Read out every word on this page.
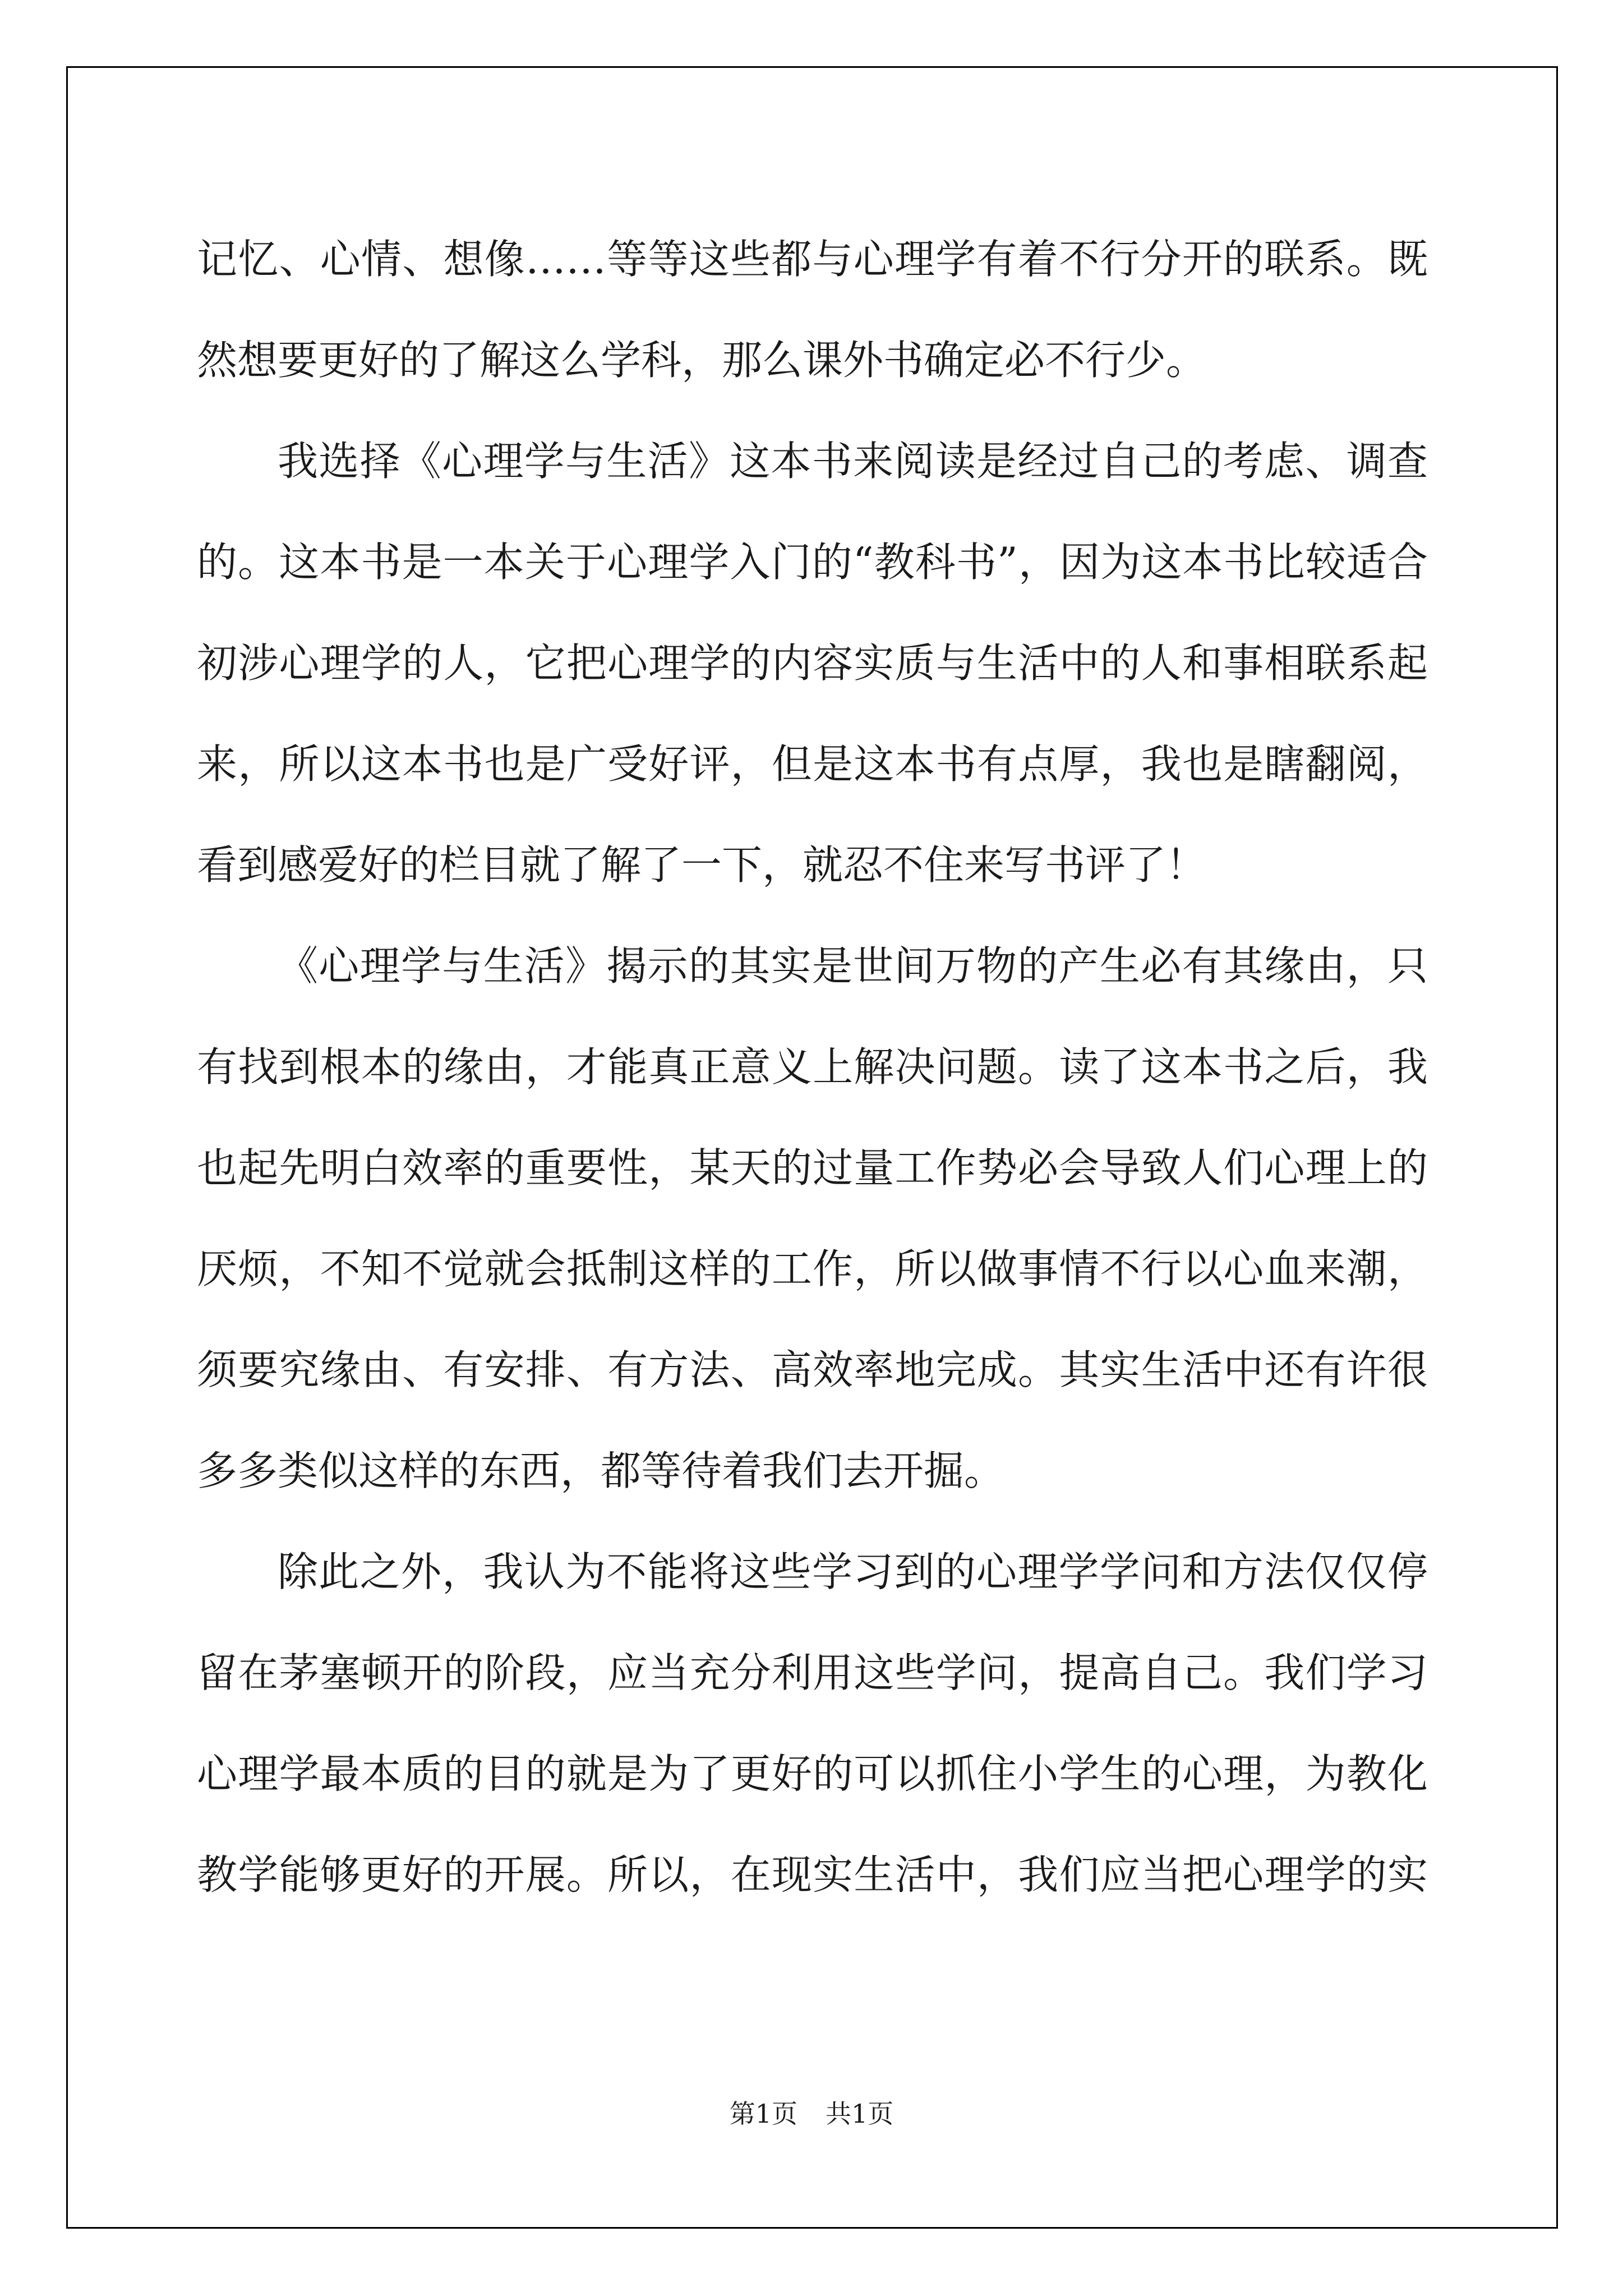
记忆、心情、想像……等等这些都与心理学有着不行分开的联系。既
然想要更好的了解这么学科，那么课外书确定必不行少。
我选择《心理学与生活》这本书来阅读是经过自己的考虑、调查
的。这本书是一本关于心理学入门的“教科书”，因为这本书比较适合
初涉心理学的人，它把心理学的内容实质与生活中的人和事相联系起
来，所以这本书也是广受好评，但是这本书有点厚，我也是瞎翻阅，
看到感爱好的栏目就了解了一下，就忍不住来写书评了！
《心理学与生活》揭示的其实是世间万物的产生必有其缘由，只
有找到根本的缘由，才能真正意义上解决问题。读了这本书之后，我
也起先明白效率的重要性，某天的过量工作势必会导致人们心理上的
厌烦，不知不觉就会抵制这样的工作，所以做事情不行以心血来潮，
须要究缘由、有安排、有方法、高效率地完成。其实生活中还有许很
多多类似这样的东西，都等待着我们去开掘。
除此之外，我认为不能将这些学习到的心理学学问和方法仅仅停
留在茅塞顿开的阶段，应当充分利用这些学问，提高自己。我们学习
心理学最本质的目的就是为了更好的可以抓住小学生的心理，为教化
教学能够更好的开展。所以，在现实生活中，我们应当把心理学的实
第1页 共1页
